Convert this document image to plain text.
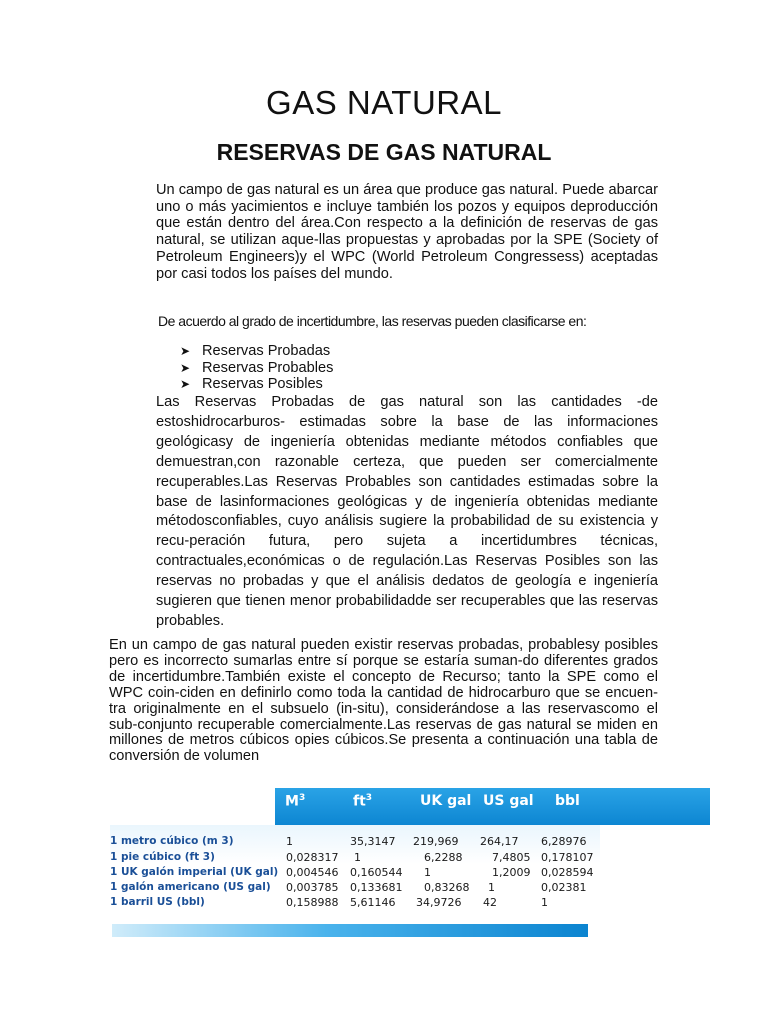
GAS NATURAL
RESERVAS DE GAS NATURAL

Un campo de gas natural es un área que produce gas natural. Puede abarcar uno o más yacimientos e incluye también los pozos y equipos deproducción que están dentro del área.Con respecto a la definición de reservas de gas natural, se utilizan aque-llas propuestas y aprobadas por la SPE (Society of Petroleum Engineers)y el WPC (World Petroleum Congressess) aceptadas por casi todos los países del mundo.

De acuerdo al grado de incertidumbre, las reservas pueden clasificarse en:

➤ Reservas Probadas
➤ Reservas Probables
➤ Reservas Posibles

Las Reservas Probadas de gas natural son las cantidades -de estoshidrocarburos- estimadas sobre la base de las informaciones geológicasy de ingeniería obtenidas mediante métodos confiables que demuestran,con razonable certeza, que pueden ser comercialmente recuperables.Las Reservas Probables son cantidades estimadas sobre la base de lasinformaciones geológicas y de ingeniería obtenidas mediante métodosconfiables, cuyo análisis sugiere la probabilidad de su existencia y recu-peración futura, pero sujeta a incertidumbres técnicas, contractuales,económicas o de regulación.Las Reservas Posibles son las reservas no probadas y que el análisis dedatos de geología e ingeniería sugieren que tienen menor probabilidadde ser recuperables que las reservas probables.

En un campo de gas natural pueden existir reservas probadas, probablesy posibles pero es incorrecto sumarlas entre sí porque se estaría suman-do diferentes grados de incertidumbre.También existe el concepto de Recurso; tanto la SPE como el WPC coin-ciden en definirlo como toda la cantidad de hidrocarburo que se encuen-tra originalmente en el subsuelo (in-situ), considerándose a las reservascomo el sub-conjunto recuperable comercialmente.Las reservas de gas natural se miden en millones de metros cúbicos opies cúbicos.Se presenta a continuación una tabla de conversión de volumen

$M^3$	$ft^3$	UK gal US gal bbl
1 metro cúbico (m 3)	1	35,3147 219,969 264,17 6,28976
1 pie cúbico (ft 3)	0,028317 1	6,2288	7,4805 0,178107
1 UK galón imperial (UK gal) 0,004546 0,160544 1	1,2009 0,028594
1 galón americano (US gal) 0,003785 0,133681 0,83268 1	0,02381
1 barril US (bbl)	0,158988 5,61146 34,9726 42	1
